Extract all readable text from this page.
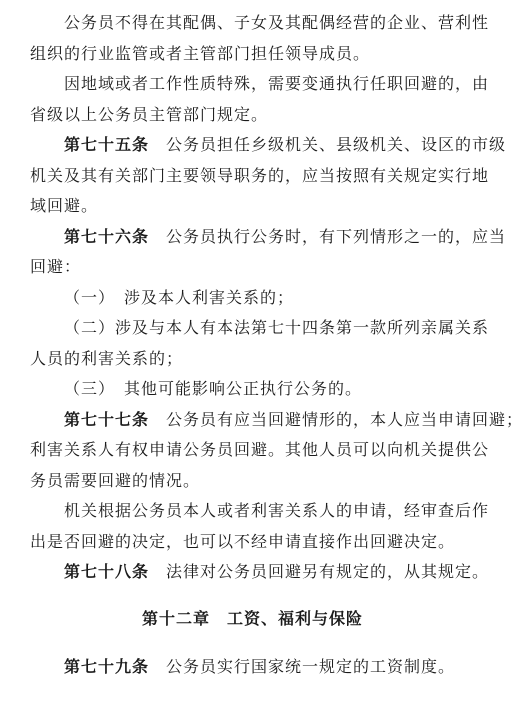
公务员不得在其配偶、子女及其配偶经营的企业、营利性
组织的行业监管或者主管部门担任领导成员。
因地域或者工作性质特殊，需要变通执行任职回避的，由
省级以上公务员主管部门规定。
第七十五条　 公务员担任乡级机关、县级机关、设区的市级
机关及其有关部门主要领导职务的，应当按照有关规定实行地
域回避。
第七十六条　 公务员执行公务时，有下列情形之一的，应当
回避：
（一）　涉及本人利害关系的；
（二）涉及与本人有本法第七十四条第一款所列亲属关系
人员的利害关系的；
（三）　其他可能影响公正执行公务的。
第七十七条　 公务员有应当回避情形的，本人应当申请回避；
利害关系人有权申请公务员回避。其他人员可以向机关提供公
务员需要回避的情况。
机关根据公务员本人或者利害关系人的申请，经审查后作
出是否回避的决定，也可以不经申请直接作出回避决定。
第七十八条　 法律对公务员回避另有规定的，从其规定。
第十二章　工资、福利与保险
第七十九条　 公务员实行国家统一规定的工资制度。
